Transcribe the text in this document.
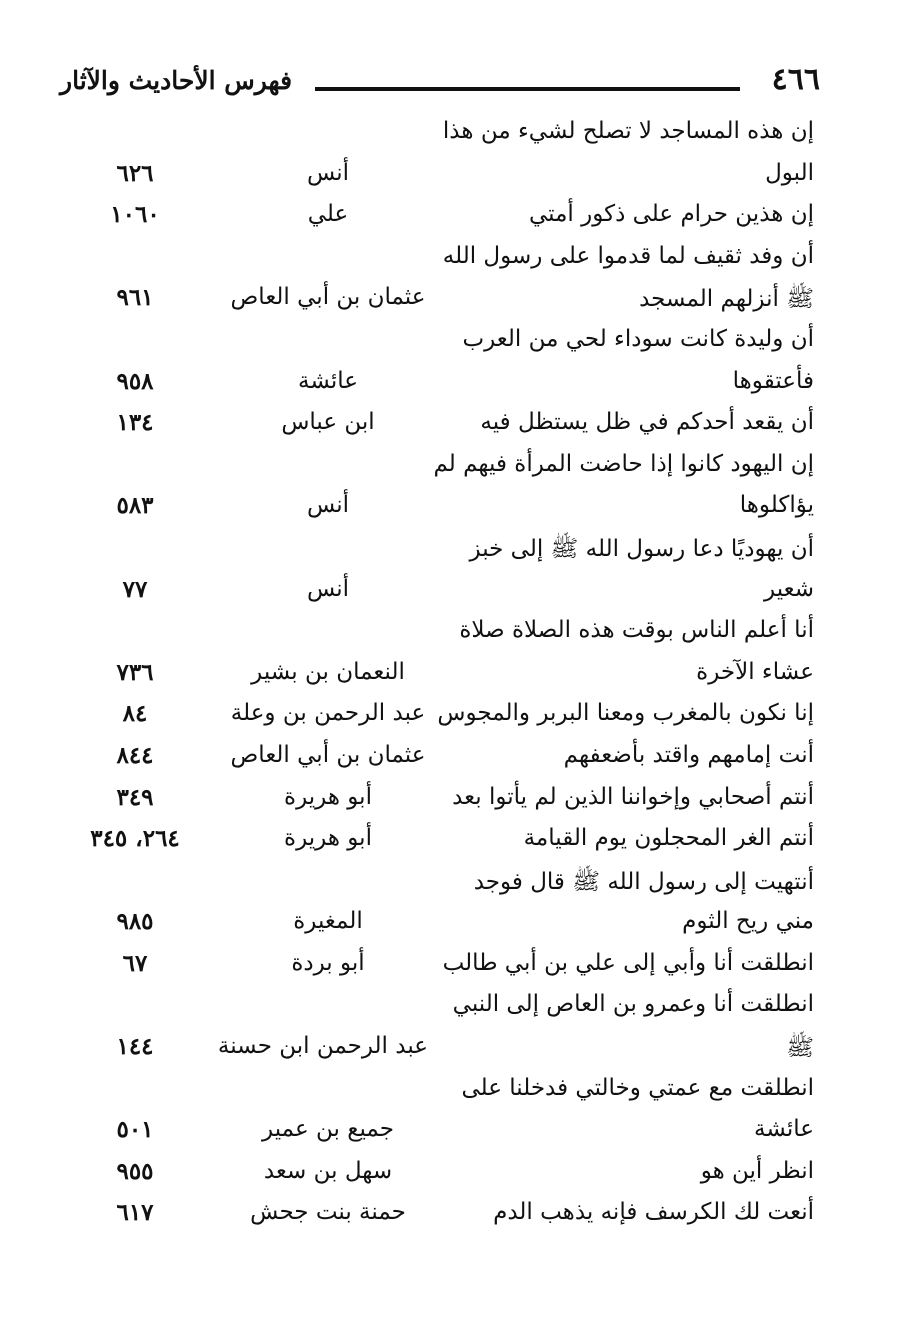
٤٦٦
فهرس الأحاديث والآثار
إن هذه المساجد لا تصلح لشيء من هذا
البول
أنس
٦٢٦
إن هذين حرام على ذكور أمتي
علي
١٠٦٠
أن وفد ثقيف لما قدموا على رسول الله
ﷺ أنزلهم المسجد
عثمان بن أبي العاص
٩٦١
أن وليدة كانت سوداء لحي من العرب
فأعتقوها
عائشة
٩٥٨
أن يقعد أحدكم في ظل يستظل فيه
ابن عباس
١٣٤
إن اليهود كانوا إذا حاضت المرأة فيهم لم
يؤاكلوها
أنس
٥٨٣
أن يهوديًا دعا رسول الله ﷺ إلى خبز
شعير
أنس
٧٧
أنا أعلم الناس بوقت هذه الصلاة صلاة
عشاء الآخرة
النعمان بن بشير
٧٣٦
إنا نكون بالمغرب ومعنا البربر والمجوس
عبد الرحمن بن وعلة
٨٤
أنت إمامهم واقتد بأضعفهم
عثمان بن أبي العاص
٨٤٤
أنتم أصحابي وإخواننا الذين لم يأتوا بعد
أبو هريرة
٣٤٩
أنتم الغر المحجلون يوم القيامة
أبو هريرة
٢٦٤، ٣٤٥
أنتهيت إلى رسول الله ﷺ قال فوجد
مني ريح الثوم
المغيرة
٩٨٥
انطلقت أنا وأبي إلى علي بن أبي طالب
أبو بردة
٦٧
انطلقت أنا وعمرو بن العاص إلى النبي
ﷺ
عبد الرحمن ابن حسنة
١٤٤
انطلقت مع عمتي وخالتي فدخلنا على
عائشة
جميع بن عمير
٥٠١
انظر أين هو
سهل بن سعد
٩٥٥
أنعت لك الكرسف فإنه يذهب الدم
حمنة بنت جحش
٦١٧
